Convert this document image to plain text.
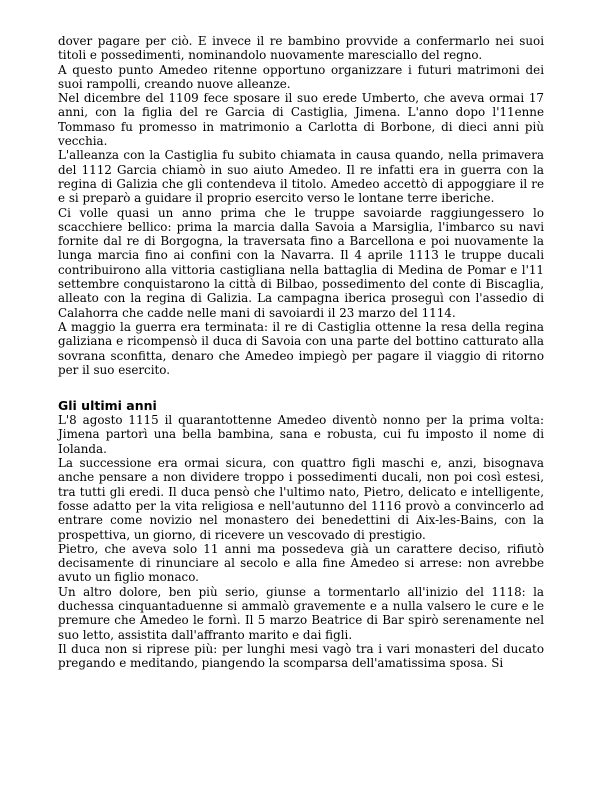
dover pagare per ciò. E invece il re bambino provvide a confermarlo nei suoi titoli e possedimenti, nominandolo nuovamente maresciallo del regno.

A questo punto Amedeo ritenne opportuno organizzare i futuri matrimoni dei suoi rampolli, creando nuove alleanze.

Nel dicembre del 1109 fece sposare il suo erede Umberto, che aveva ormai 17 anni, con la figlia del re Garcia di Castiglia, Jimena. L'anno dopo l'11enne Tommaso fu promesso in matrimonio a Carlotta di Borbone, di dieci anni più vecchia.

L'alleanza con la Castiglia fu subito chiamata in causa quando, nella primavera del 1112 Garcia chiamò in suo aiuto Amedeo. Il re infatti era in guerra con la regina di Galizia che gli contendeva il titolo. Amedeo accettò di appoggiare il re e si preparò a guidare il proprio esercito verso le lontane terre iberiche.

Ci volle quasi un anno prima che le truppe savoiarde raggiungessero lo scacchiere bellico: prima la marcia dalla Savoia a Marsiglia, l'imbarco su navi fornite dal re di Borgogna, la traversata fino a Barcellona e poi nuovamente la lunga marcia fino ai confini con la Navarra. Il 4 aprile 1113 le truppe ducali contribuirono alla vittoria castigliana nella battaglia di Medina de Pomar e l'11 settembre conquistarono la città di Bilbao, possedimento del conte di Biscaglia, alleato con la regina di Galizia. La campagna iberica proseguì con l'assedio di Calahorra che cadde nelle mani di savoiardi il 23 marzo del 1114.

A maggio la guerra era terminata: il re di Castiglia ottenne la resa della regina galiziana e ricompensò il duca di Savoia con una parte del bottino catturato alla sovrana sconfitta, denaro che Amedeo impiegò per pagare il viaggio di ritorno per il suo esercito.

Gli ultimi anni

L'8 agosto 1115 il quarantottenne Amedeo diventò nonno per la prima volta: Jimena partorì una bella bambina, sana e robusta, cui fu imposto il nome di Iolanda.

La successione era ormai sicura, con quattro figli maschi e, anzi, bisognava anche pensare a non dividere troppo i possedimenti ducali, non poi così estesi, tra tutti gli eredi. Il duca pensò che l'ultimo nato, Pietro, delicato e intelligente, fosse adatto per la vita religiosa e nell'autunno del 1116 provò a convincerlo ad entrare come novizio nel monastero dei benedettini di Aix-les-Bains, con la prospettiva, un giorno, di ricevere un vescovado di prestigio.

Pietro, che aveva solo 11 anni ma possedeva già un carattere deciso, rifiutò decisamente di rinunciare al secolo e alla fine Amedeo si arrese: non avrebbe avuto un figlio monaco.

Un altro dolore, ben più serio, giunse a tormentarlo all'inizio del 1118: la duchessa cinquantaduenne si ammalò gravemente e a nulla valsero le cure e le premure che Amedeo le fornì. Il 5 marzo Beatrice di Bar spirò serenamente nel suo letto, assistita dall'affranto marito e dai figli.

Il duca non si riprese più: per lunghi mesi vagò tra i vari monasteri del ducato pregando e meditando, piangendo la scomparsa dell'amatissima sposa. Si
